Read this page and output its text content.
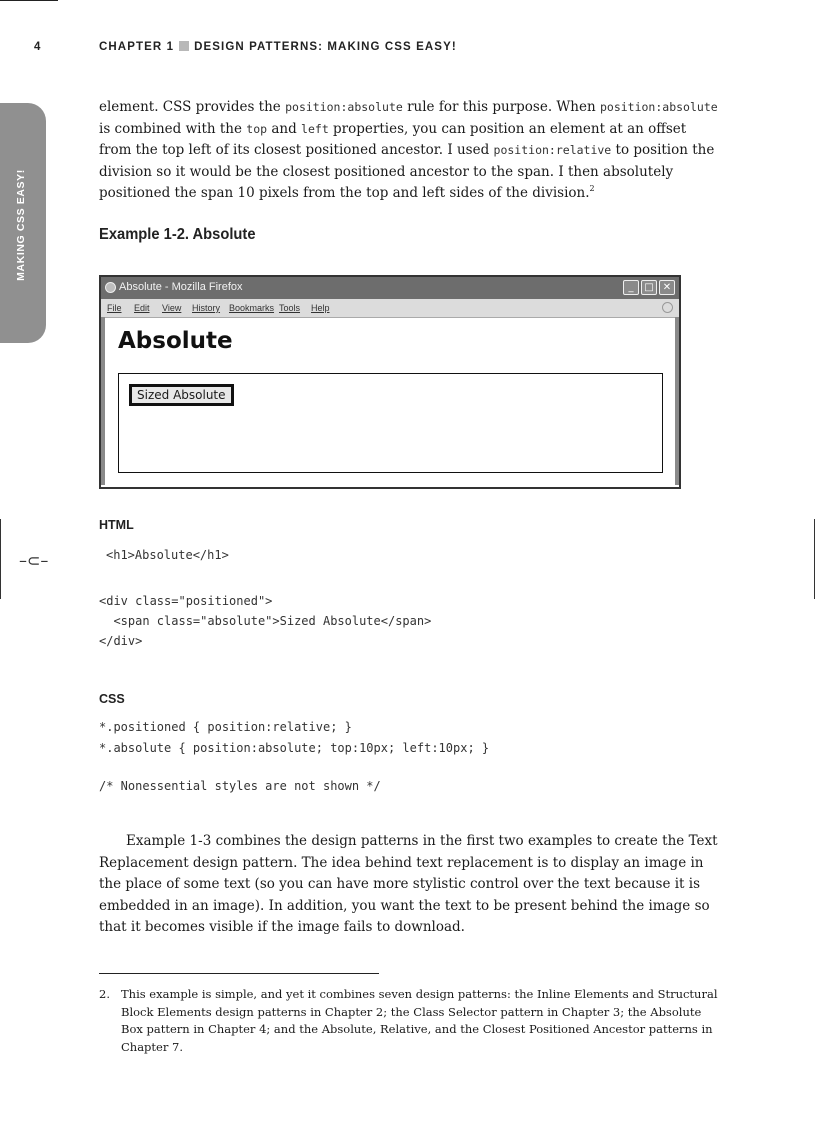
4	CHAPTER 1 DESIGN PATTERNS: MAKING CSS EASY!
MAKING CSS EASY!

element. CSS provides the position:absolute rule for this purpose. When position:absolute is combined with the top and left properties, you can position an element at an offset from the top left of its closest positioned ancestor. I used position:relative to position the division so it would be the closest positioned ancestor to the span. I then absolutely positioned the span 10 pixels from the top and left sides of the division.$^2$

Example 1-2. Absolute
Absolute - Mozilla Firefox	_	□ ✕
File Edit View History Bookmarks Tools Help
Absolute
Sized Absolute
–⊂–

HTML

<h1>Absolute</h1>

<div class="positioned">

<span class="absolute">Sized Absolute</span>

</div>

CSS

*.positioned { position:relative; }

*.absolute { position:absolute; top:10px; left:10px; }

/* Nonessential styles are not shown */

Example 1-3 combines the design patterns in the first two examples to create the Text Replacement design pattern. The idea behind text replacement is to display an image in the place of some text (so you can have more stylistic control over the text because it is embedded in an image). In addition, you want the text to be present behind the image so that it becomes visible if the image fails to download.

2. This example is simple, and yet it combines seven design patterns: the Inline Elements and Structural Block Elements design patterns in Chapter 2; the Class Selector pattern in Chapter 3; the Absolute Box pattern in Chapter 4; and the Absolute, Relative, and the Closest Positioned Ancestor patterns in Chapter 7.
